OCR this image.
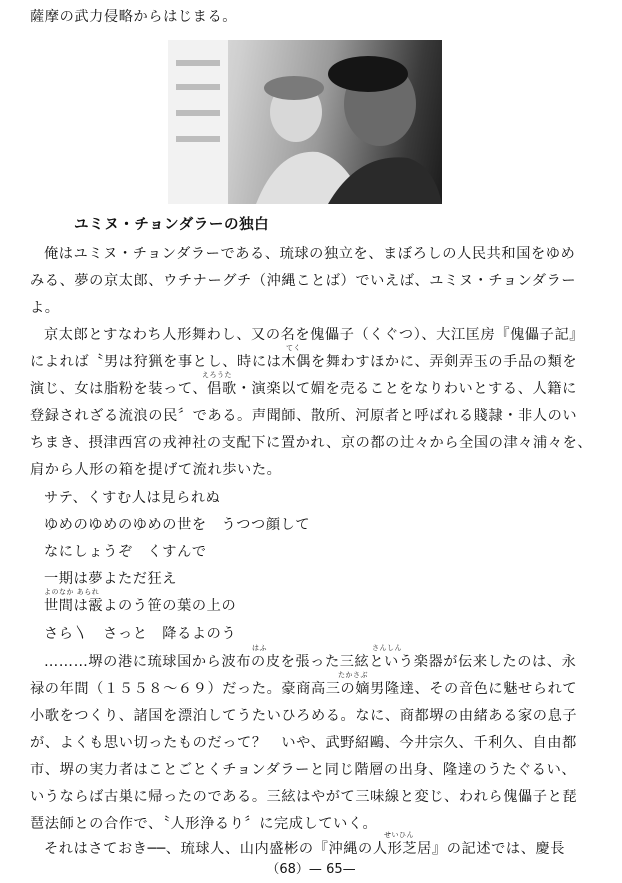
薩摩の武力侵略からはじまる。
ユミヌ・チョンダラーの独白
俺はユミヌ・チョンダラーである、琉球の独立を、まぼろしの人民共和国をゆめ
みる、夢の京太郎、ウチナーグチ（沖縄ことば）でいえば、ユミヌ・チョンダラー
よ。
京太郎とすなわち人形舞わし、又の名を傀儡子（くぐつ）、大江匡房『傀儡子記』
てく
によれば〝男は狩猟を事とし、時には木偶を舞わすほかに、弄剣弄玉の手品の類を
えろうた
演じ、女は脂粉を装って、倡歌・演楽以て媚を売ることをなりわいとする、人籍に
登録されざる流浪の民〞である。声聞師、散所、河原者と呼ばれる賤隷・非人のい
ちまき、摂津西宮の戎神社の支配下に置かれ、京の都の辻々から全国の津々浦々を、
肩から人形の箱を提げて流れ歩いた。
サテ、くすむ人は見られぬ
ゆめのゆめのゆめの世を　うつつ顔して
なにしょうぞ　くすんで
一期は夢よただ狂え
よのなか あられ
世間は霰よのう笹の葉の上の
さら〵　さっと　降るよのう
はふ	さんしん
………堺の港に琉球国から波布の皮を張った三絃という楽器が伝来したのは、永
たかさぶ
禄の年間（１５５８〜６９）だった。豪商高三の嫡男隆達、その音色に魅せられて
小歌をつくり、諸国を漂泊してうたいひろめる。なに、商都堺の由緒ある家の息子
が、よくも思い切ったものだって？　いや、武野紹鷗、今井宗久、千利久、自由都
市、堺の実力者はことごとくチョンダラーと同じ階層の出身、隆達のうたぐるい、
いうならば古巣に帰ったのである。三絃はやがて三味線と変じ、われら傀儡子と琵
琶法師との合作で、〝人形浄るり〞に完成していく。
せいひん
それはさておき──、琉球人、山内盛彬の『沖縄の人形芝居』の記述では、慶長
（68）— 65—
